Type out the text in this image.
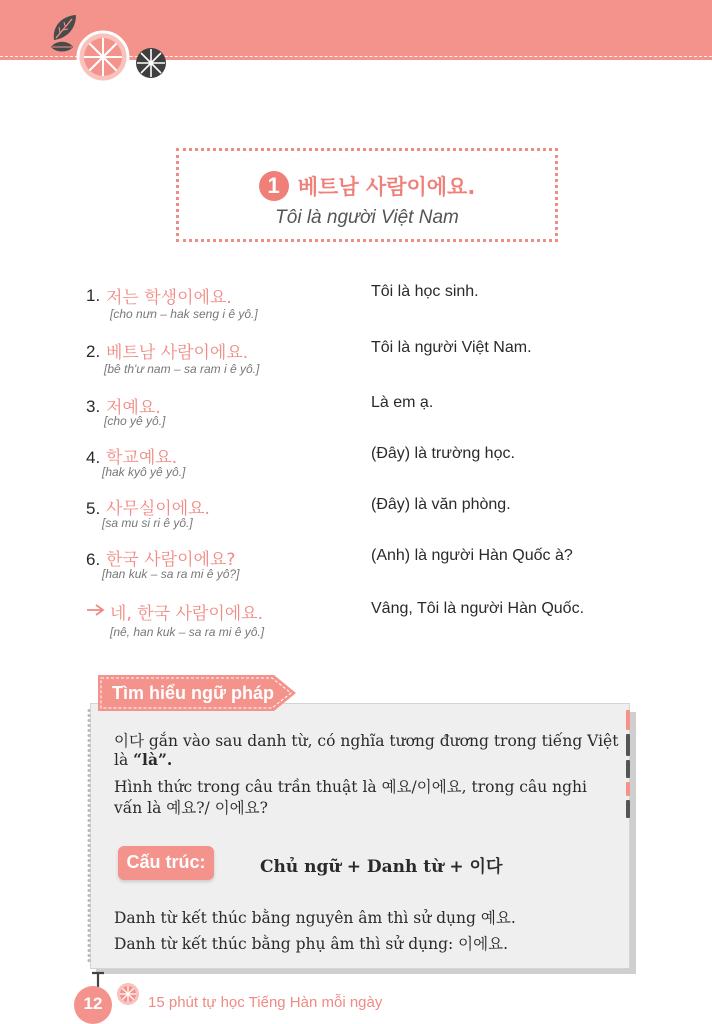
1 베트남 사람이에요.
Tôi là người Việt Nam
1. 저는 학생이에요.
[cho nưn – hak seng i ê yô.]
Tôi là học sinh.
2. 베트남 사람이에요.
[bê th'ư nam – sa ram i ê yô.]
Tôi là người Việt Nam.
3. 저예요.
[cho yê yô.]
Là em ạ.
4. 학교예요.
[hak kyô yê yô.]
(Đây) là trường học.
5. 사무실이에요.
[sa mu si ri ê yô.]
(Đây) là văn phòng.
6. 한국 사람이에요?
[han kuk – sa ra mi ê yô?]
(Anh) là người Hàn Quốc à?
네, 한국 사람이에요.
[nê, han kuk – sa ra mi ê yô.]
Vâng, Tôi là người Hàn Quốc.
Tìm hiểu ngữ pháp
이다 gắn vào sau danh từ, có nghĩa tương đương trong tiếng Việt
là “là”.
Hình thức trong câu trần thuật là 예요/이에요, trong câu nghi
vấn là 예요?/ 이에요?
Cấu trúc:	Chủ ngữ + Danh từ + 이다
Danh từ kết thúc bằng nguyên âm thì sử dụng 예요.
Danh từ kết thúc bằng phụ âm thì sử dụng: 이에요.
12	15 phút tự học Tiếng Hàn mỗi ngày
